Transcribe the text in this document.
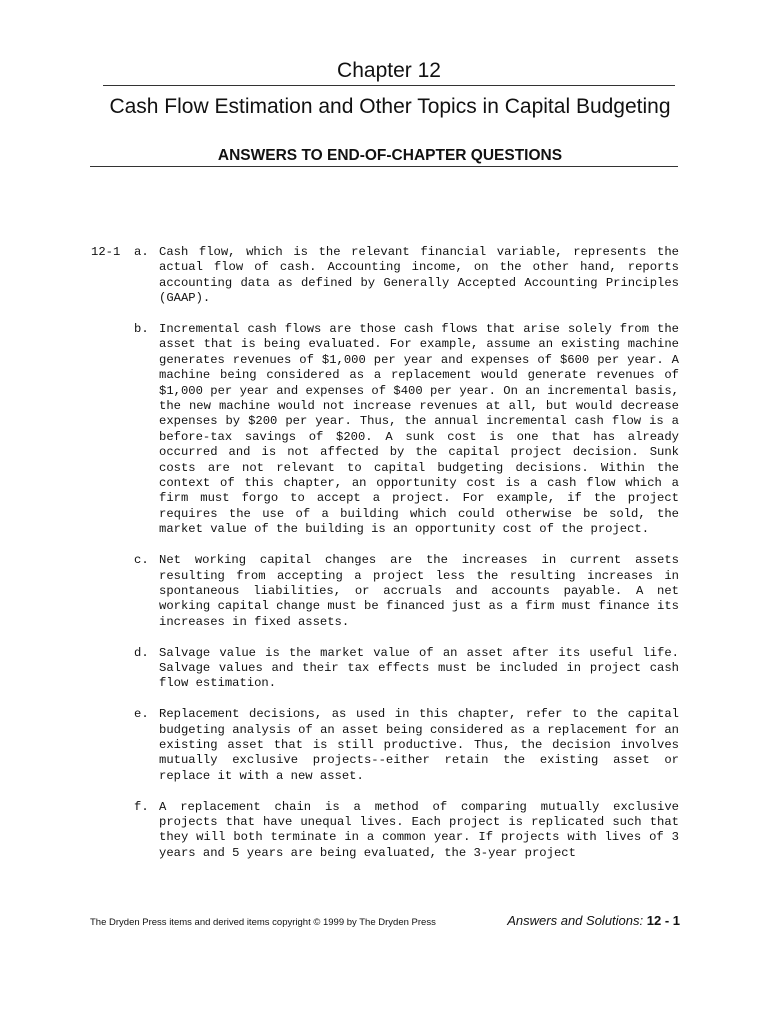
Chapter 12
Cash Flow Estimation and Other Topics in Capital Budgeting
ANSWERS TO END-OF-CHAPTER QUESTIONS
12-1 a. Cash flow, which is the relevant financial variable, represents the actual flow of cash. Accounting income, on the other hand, reports accounting data as defined by Generally Accepted Accounting Principles (GAAP).
b. Incremental cash flows are those cash flows that arise solely from the asset that is being evaluated. For example, assume an existing machine generates revenues of $1,000 per year and expenses of $600 per year. A machine being considered as a replacement would generate revenues of $1,000 per year and expenses of $400 per year. On an incremental basis, the new machine would not increase revenues at all, but would decrease expenses by $200 per year. Thus, the annual incremental cash flow is a before-tax savings of $200. A sunk cost is one that has already occurred and is not affected by the capital project decision. Sunk costs are not relevant to capital budgeting decisions. Within the context of this chapter, an opportunity cost is a cash flow which a firm must forgo to accept a project. For example, if the project requires the use of a building which could otherwise be sold, the market value of the building is an opportunity cost of the project.
c. Net working capital changes are the increases in current assets resulting from accepting a project less the resulting increases in spontaneous liabilities, or accruals and accounts payable. A net working capital change must be financed just as a firm must finance its increases in fixed assets.
d. Salvage value is the market value of an asset after its useful life. Salvage values and their tax effects must be included in project cash flow estimation.
e. Replacement decisions, as used in this chapter, refer to the capital budgeting analysis of an asset being considered as a replacement for an existing asset that is still productive. Thus, the decision involves mutually exclusive projects--either retain the existing asset or replace it with a new asset.
f. A replacement chain is a method of comparing mutually exclusive projects that have unequal lives. Each project is replicated such that they will both terminate in a common year. If projects with lives of 3 years and 5 years are being evaluated, the 3-year project
The Dryden Press items and derived items copyright © 1999 by The Dryden Press	Answers and Solutions: 12 - 1
